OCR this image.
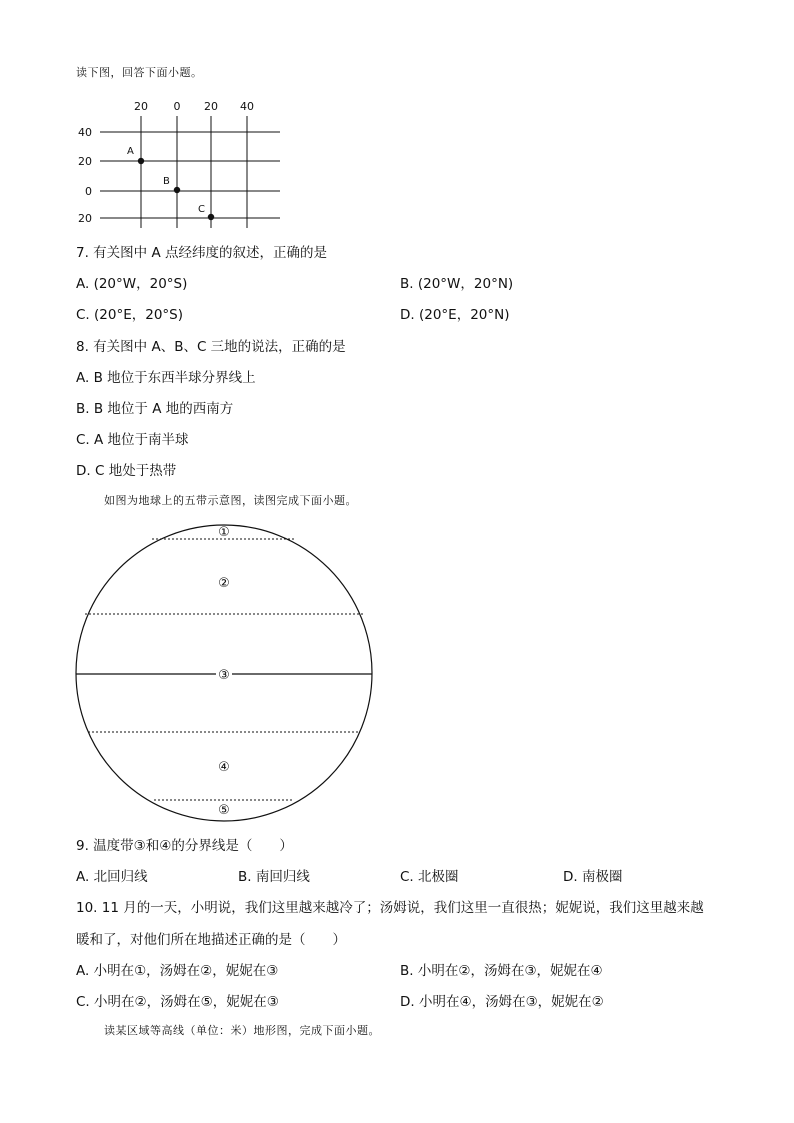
读下图，回答下面小题。
20 0 20 40
40
20
0
20
A
B
C
7. 有关图中 A 点经纬度的叙述，正确的是
A. (20°W，20°S)	B. (20°W，20°N)
C. (20°E，20°S)	D. (20°E，20°N)
8. 有关图中 A、B、C 三地的说法，正确的是
A. B 地位于东西半球分界线上
B. B 地位于 A 地的西南方
C. A 地位于南半球
D. C 地处于热带
如图为地球上的五带示意图，读图完成下面小题。
①
②
③
④
⑤
9. 温度带③和④的分界线是（　　）
A. 北回归线	B. 南回归线	C. 北极圈	D. 南极圈
10. 11 月的一天，小明说，我们这里越来越冷了；汤姆说，我们这里一直很热；妮妮说，我们这里越来越
暖和了，对他们所在地描述正确的是（　　）
A. 小明在①，汤姆在②，妮妮在③	B. 小明在②，汤姆在③，妮妮在④
C. 小明在②，汤姆在⑤，妮妮在③	D. 小明在④，汤姆在③，妮妮在②
读某区域等高线（单位：米）地形图，完成下面小题。
